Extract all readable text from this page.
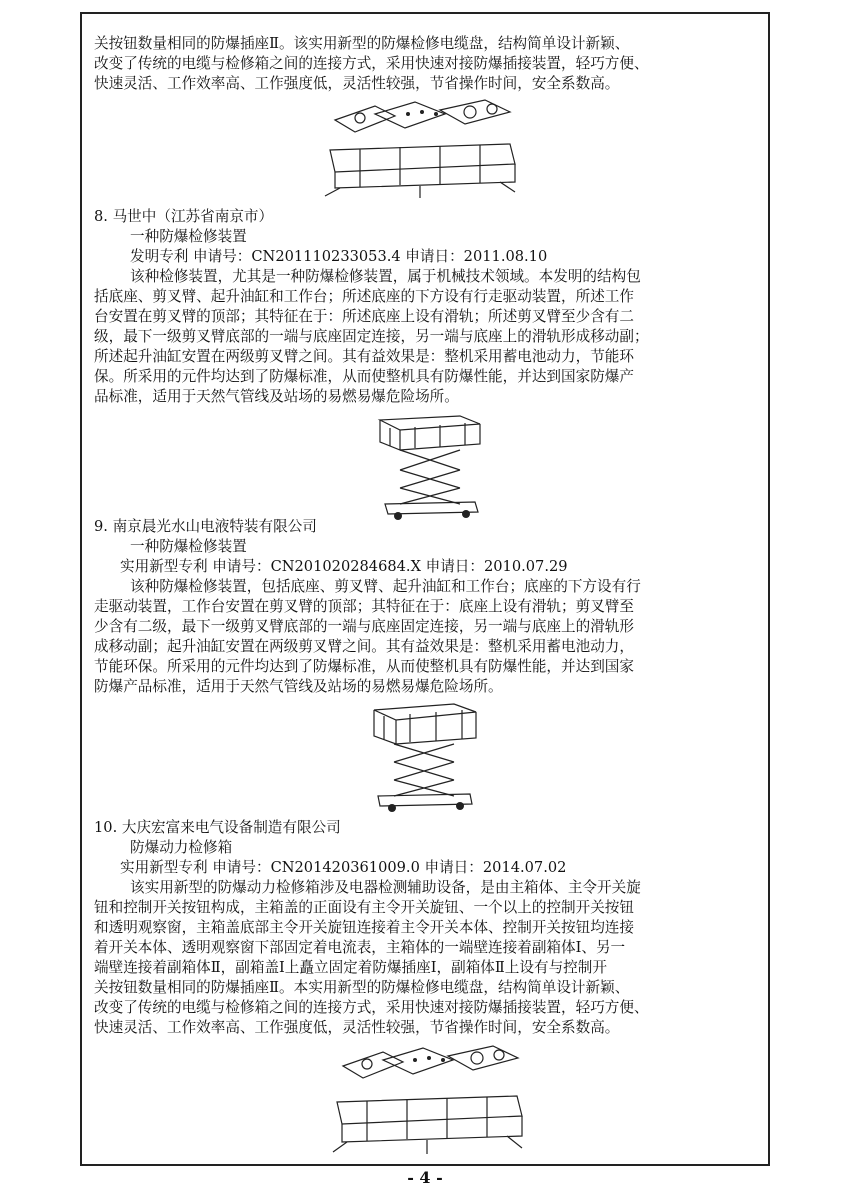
关按钮数量相同的防爆插座Ⅱ。该实用新型的防爆检修电缆盘，结构简单设计新颖、
改变了传统的电缆与检修箱之间的连接方式，采用快速对接防爆插接装置，轻巧方便、
快速灵活、工作效率高、工作强度低，灵活性较强，节省操作时间，安全系数高。
8. 马世中（江苏省南京市）
一种防爆检修装置
发明专利 申请号：CN201110233053.4 申请日：2011.08.10
该种检修装置，尤其是一种防爆检修装置，属于机械技术领域。本发明的结构包
括底座、剪叉臂、起升油缸和工作台；所述底座的下方设有行走驱动装置，所述工作
台安置在剪叉臂的顶部；其特征在于：所述底座上设有滑轨；所述剪叉臂至少含有二
级，最下一级剪叉臂底部的一端与底座固定连接，另一端与底座上的滑轨形成移动副；
所述起升油缸安置在两级剪叉臂之间。其有益效果是：整机采用蓄电池动力，节能环
保。所采用的元件均达到了防爆标准，从而使整机具有防爆性能，并达到国家防爆产
品标准，适用于天然气管线及站场的易燃易爆危险场所。
9. 南京晨光水山电液特装有限公司
一种防爆检修装置
实用新型专利 申请号：CN201020284684.X 申请日：2010.07.29
该种防爆检修装置，包括底座、剪叉臂、起升油缸和工作台；底座的下方设有行
走驱动装置，工作台安置在剪叉臂的顶部；其特征在于：底座上设有滑轨；剪叉臂至
少含有二级，最下一级剪叉臂底部的一端与底座固定连接，另一端与底座上的滑轨形
成移动副；起升油缸安置在两级剪叉臂之间。其有益效果是：整机采用蓄电池动力，
节能环保。所采用的元件均达到了防爆标准，从而使整机具有防爆性能，并达到国家
防爆产品标准，适用于天然气管线及站场的易燃易爆危险场所。
10. 大庆宏富来电气设备制造有限公司
防爆动力检修箱
实用新型专利 申请号：CN201420361009.0 申请日：2014.07.02
该实用新型的防爆动力检修箱涉及电器检测辅助设备，是由主箱体、主令开关旋
钮和控制开关按钮构成，主箱盖的正面设有主令开关旋钮、一个以上的控制开关按钮
和透明观察窗，主箱盖底部主令开关旋钮连接着主令开关本体、控制开关按钮均连接
着开关本体、透明观察窗下部固定着电流表，主箱体的一端壁连接着副箱体Ⅰ、另一
端壁连接着副箱体Ⅱ，副箱盖Ⅰ上矗立固定着防爆插座Ⅰ，副箱体Ⅱ上设有与控制开
关按钮数量相同的防爆插座Ⅱ。本实用新型的防爆检修电缆盘，结构简单设计新颖、
改变了传统的电缆与检修箱之间的连接方式，采用快速对接防爆插接装置，轻巧方便、
快速灵活、工作效率高、工作强度低，灵活性较强，节省操作时间，安全系数高。
- 4 -
